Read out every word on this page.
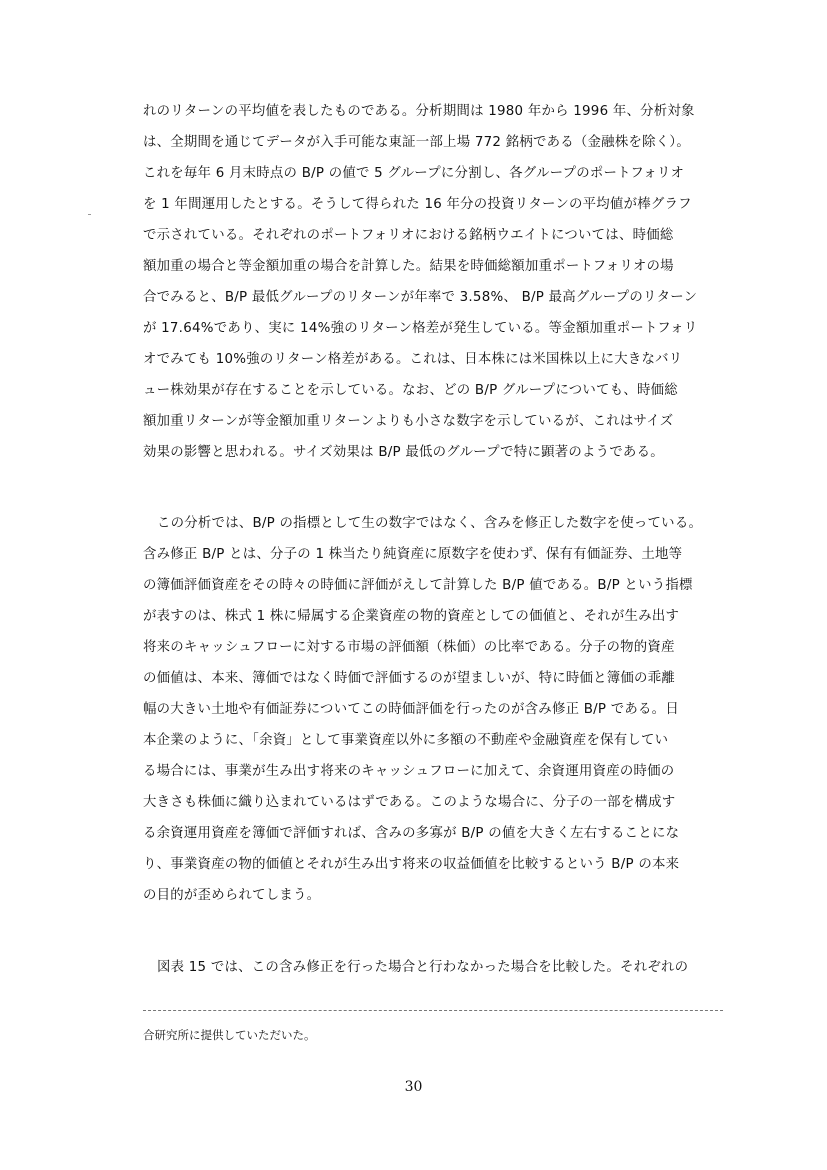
れのリターンの平均値を表したものである。分析期間は 1980 年から 1996 年、分析対象
は、全期間を通じてデータが入手可能な東証一部上場 772 銘柄である（金融株を除く）。
これを毎年 6 月末時点の B/P の値で 5 グループに分割し、各グループのポートフォリオ
を 1 年間運用したとする。そうして得られた 16 年分の投資リターンの平均値が棒グラフ
で示されている。それぞれのポートフォリオにおける銘柄ウエイトについては、時価総
額加重の場合と等金額加重の場合を計算した。結果を時価総額加重ポートフォリオの場
合でみると、B/P 最低グループのリターンが年率で 3.58%、 B/P 最高グループのリターン
が 17.64%であり、実に 14%強のリターン格差が発生している。等金額加重ポートフォリ
オでみても 10%強のリターン格差がある。これは、日本株には米国株以上に大きなバリ
ュー株効果が存在することを示している。なお、どの B/P グループについても、時価総
額加重リターンが等金額加重リターンよりも小さな数字を示しているが、これはサイズ
効果の影響と思われる。サイズ効果は B/P 最低のグループで特に顕著のようである。
この分析では、B/P の指標として生の数字ではなく、含みを修正した数字を使っている。
含み修正 B/P とは、分子の 1 株当たり純資産に原数字を使わず、保有有価証券、土地等
の簿価評価資産をその時々の時価に評価がえして計算した B/P 値である。B/P という指標
が表すのは、株式 1 株に帰属する企業資産の物的資産としての価値と、それが生み出す
将来のキャッシュフローに対する市場の評価額（株価）の比率である。分子の物的資産
の価値は、本来、簿価ではなく時価で評価するのが望ましいが、特に時価と簿価の乖離
幅の大きい土地や有価証券についてこの時価評価を行ったのが含み修正 B/P である。日
本企業のように、「余資」として事業資産以外に多額の不動産や金融資産を保有してい
る場合には、事業が生み出す将来のキャッシュフローに加えて、余資運用資産の時価の
大きさも株価に織り込まれているはずである。このような場合に、分子の一部を構成す
る余資運用資産を簿価で評価すれば、含みの多寡が B/P の値を大きく左右することにな
り、事業資産の物的価値とそれが生み出す将来の収益価値を比較するという B/P の本来
の目的が歪められてしまう。
図表 15 では、この含み修正を行った場合と行わなかった場合を比較した。それぞれの
合研究所に提供していただいた。
30
